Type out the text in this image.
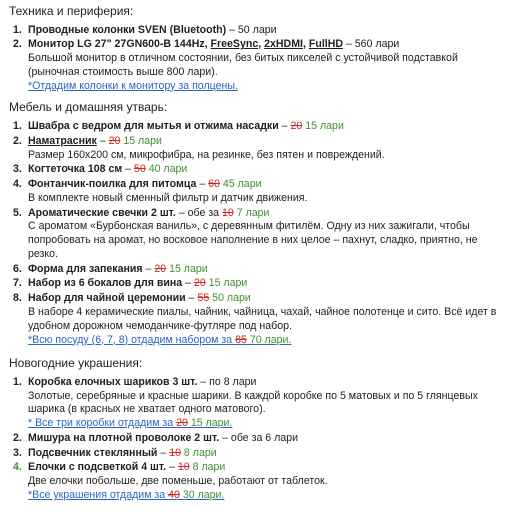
Техника и периферия:
1. Проводные колонки SVEN (Bluetooth) – 50 лари
2. Монитор LG 27" 27GN600-B 144Hz, FreeSync, 2xHDMI, FullHD – 560 лари
Большой монитор в отличном состоянии, без битых пикселей с устойчивой подставкой (рыночная стоимость выше 800 лари).
*Отдадим колонки к монитору за полцены.
Мебель и домашняя утварь:
1. Швабра с ведром для мытья и отжима насадки – 20 15 лари
2. Наматрасник – 20 15 лари
Размер 160х200 см, микрофибра, на резинке, без пятен и повреждений.
3. Когтеточка 108 см – 50 40 лари
4. Фонтанчик-поилка для питомца – 60 45 лари
В комплекте новый сменный фильтр и датчик движения.
5. Ароматические свечки 2 шт. – обе за 10 7 лари
С ароматом «Бурбонская ваниль», с деревянным фитилём. Одну из них зажигали, чтобы попробовать на аромат, но восковое наполнение в них целое – пахнут, сладко, приятно, не резко.
6. Форма для запекания – 20 15 лари
7. Набор из 6 бокалов для вина – 20 15 лари
8. Набор для чайной церемонии – 55 50 лари
В наборе 4 керамические пиалы, чайник, чайница, чахай, чайное полотенце и сито. Всё идет в удобном дорожном чемоданчике-футляре под набор.
*Всю посуду (6, 7, 8) отдадим набором за 85 70 лари.
Новогодние украшения:
1. Коробка елочных шариков 3 шт. – по 8 лари
Золотые, серебряные и красные шарики. В каждой коробке по 5 матовых и по 5 глянцевых шарика (в красных не хватает одного матового).
* Все три коробки отдадим за 20 15 лари.
2. Мишура на плотной проволоке 2 шт. – обе за 6 лари
3. Подсвечник стеклянный – 10 8 лари
4. Елочки с подсветкой 4 шт. – 10 8 лари
Две елочки побольше, две поменьше, работают от таблеток.
*Все украшения отдадим за 40 30 лари.
